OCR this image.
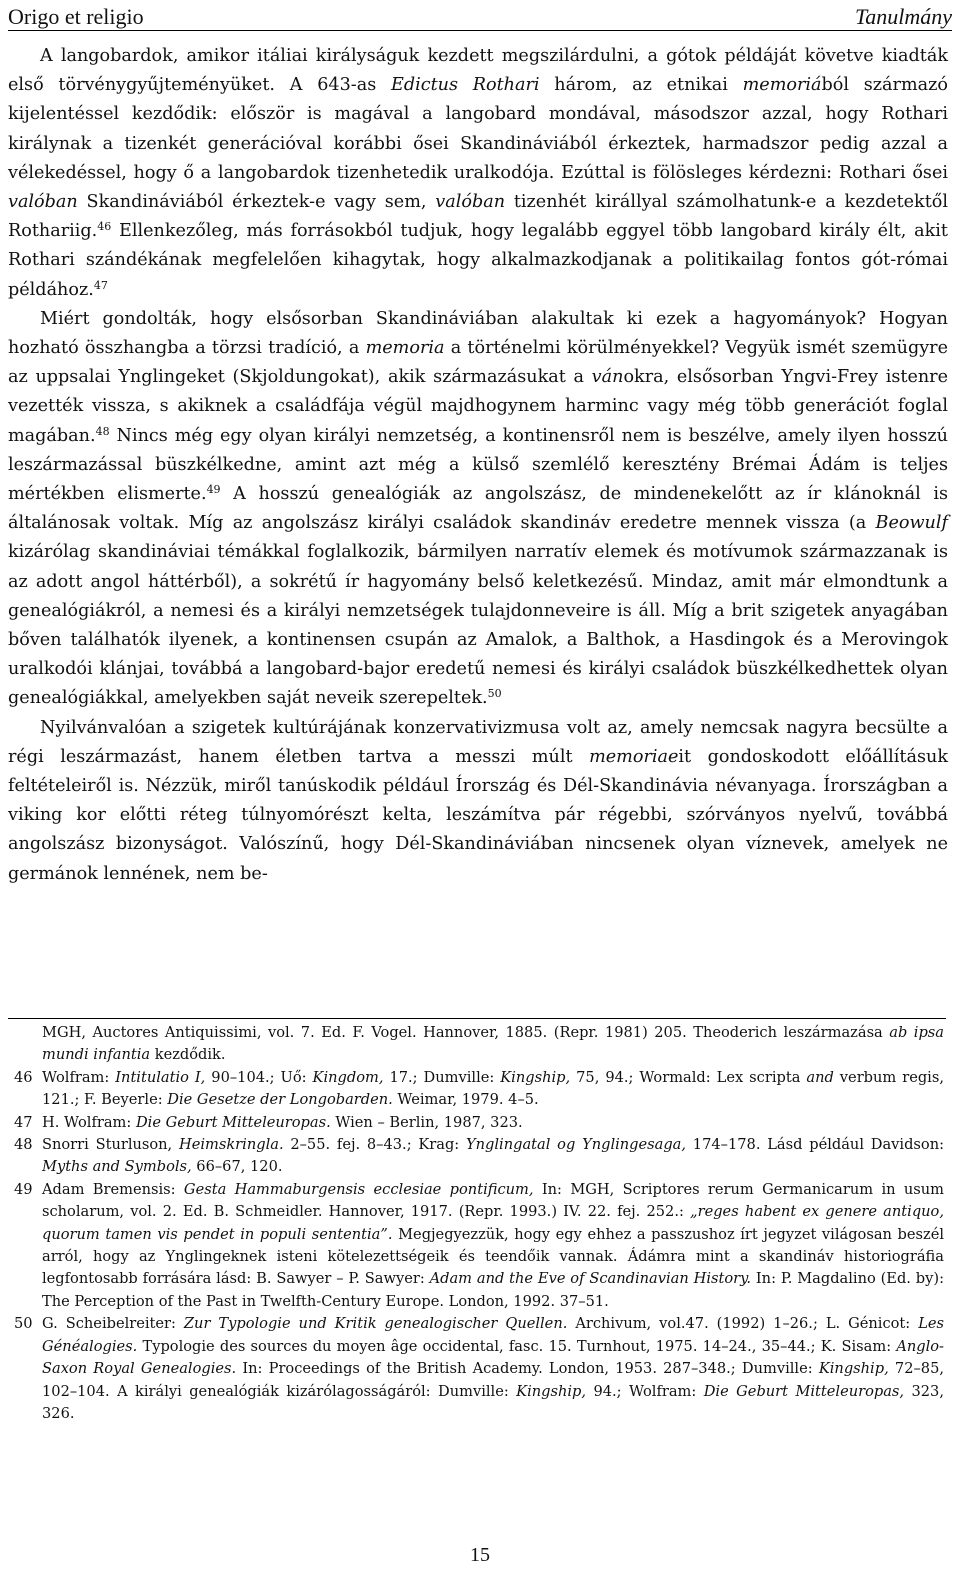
Origo et religio	Tanulmány

A langobardok, amikor itáliai királyságuk kezdett megszilárdulni, a gótok példáját követve kiadták első törvénygyűjteményüket. A 643-as Edictus Rothari három, az etnikai memoriából származó kijelentéssel kezdődik: először is magával a langobard mondával, másodszor azzal, hogy Rothari királynak a tizenkét generációval korábbi ősei Skandináviából érkeztek, harmadszor pedig azzal a vélekedéssel, hogy ő a langobardok tizenhetedik uralkodója. Ezúttal is fölösleges kérdezni: Rothari ősei valóban Skandináviából érkeztek-e vagy sem, valóban tizenhét királlyal számolhatunk-e a kezdetektől Rothariig.$^{46}$ Ellenkezőleg, más forrásokból tudjuk, hogy legalább eggyel több langobard király élt, akit Rothari szándékának megfelelően kihagytak, hogy alkalmazkodjanak a politikailag fontos gót-római példához.$^{47}$

Miért gondolták, hogy elsősorban Skandináviában alakultak ki ezek a hagyományok? Hogyan hozható összhangba a törzsi tradíció, a memoria a történelmi körülményekkel? Vegyük ismét szemügyre az uppsalai Ynglingeket (Skjoldungokat), akik származásukat a vánokra, elsősorban Yngvi-Frey istenre vezették vissza, s akiknek a családfája végül majdhogynem harminc vagy még több generációt foglal magában.$^{48}$ Nincs még egy olyan királyi nemzetség, a kontinensről nem is beszélve, amely ilyen hosszú leszármazással büszkélkedne, amint azt még a külső szemlélő keresztény Brémai Ádám is teljes mértékben elismerte.$^{49}$ A hosszú genealógiák az angolszász, de mindenekelőtt az ír klánoknál is általánosak voltak. Míg az angolszász királyi családok skandináv eredetre mennek vissza (a Beowulf kizárólag skandináviai témákkal foglalkozik, bármilyen narratív elemek és motívumok származzanak is az adott angol háttérből), a sokrétű ír hagyomány belső keletkezésű. Mindaz, amit már elmondtunk a genealógiákról, a nemesi és a királyi nemzetségek tulajdonneveire is áll. Míg a brit szigetek anyagában bőven találhatók ilyenek, a kontinensen csupán az Amalok, a Balthok, a Hasdingok és a Merovingok uralkodói klánjai, továbbá a langobard-bajor eredetű nemesi és királyi családok büszkélkedhettek olyan genealógiákkal, amelyekben saját neveik szerepeltek.$^{50}$

Nyilvánvalóan a szigetek kultúrájának konzervativizmusa volt az, amely nemcsak nagyra becsülte a régi leszármazást, hanem életben tartva a messzi múlt memoriaeit gondoskodott előállításuk feltételeiről is. Nézzük, miről tanúskodik például Írország és Dél-Skandinávia névanyaga. Írországban a viking kor előtti réteg túlnyomórészt kelta, leszámítva pár régebbi, szórványos nyelvű, továbbá angolszász bizonyságot. Valószínű, hogy Dél-Skandináviában nincsenek olyan víznevek, amelyek ne germánok lennének, nem be-

MGH, Auctores Antiquissimi, vol. 7. Ed. F. Vogel. Hannover, 1885. (Repr. 1981) 205. Theoderich leszármazása ab ipsa mundi infantia kezdődik.
46 Wolfram: Intitulatio I, 90–104.; Uő: Kingdom, 17.; Dumville: Kingship, 75, 94.; Wormald: Lex scripta and verbum regis, 121.; F. Beyerle: Die Gesetze der Longobarden. Weimar, 1979. 4–5.
47 H. Wolfram: Die Geburt Mitteleuropas. Wien – Berlin, 1987, 323.
48 Snorri Sturluson, Heimskringla. 2–55. fej. 8–43.; Krag: Ynglingatal og Ynglingesaga, 174–178. Lásd például Davidson: Myths and Symbols, 66–67, 120.
49 Adam Bremensis: Gesta Hammaburgensis ecclesiae pontificum, In: MGH, Scriptores rerum Germanicarum in usum scholarum, vol. 2. Ed. B. Schmeidler. Hannover, 1917. (Repr. 1993.) IV. 22. fej. 252.: „reges habent ex genere antiquo, quorum tamen vis pendet in populi sententia”. Megjegyezzük, hogy egy ehhez a passzushoz írt jegyzet világosan beszél arról, hogy az Ynglingeknek isteni kötelezettségeik és teendőik vannak. Ádámra mint a skandináv historiográfia legfontosabb forrására lásd: B. Sawyer – P. Sawyer: Adam and the Eve of Scandinavian History. In: P. Magdalino (Ed. by): The Perception of the Past in Twelfth-Century Europe. London, 1992. 37–51.
50 G. Scheibelreiter: Zur Typologie und Kritik genealogischer Quellen. Archivum, vol.47. (1992) 1–26.; L. Génicot: Les Généalogies. Typologie des sources du moyen âge occidental, fasc. 15. Turnhout, 1975. 14–24., 35–44.; K. Sisam: Anglo-Saxon Royal Genealogies. In: Proceedings of the British Academy. London, 1953. 287–348.; Dumville: Kingship, 72–85, 102–104. A királyi genealógiák kizárólagosságáról: Dumville: Kingship, 94.; Wolfram: Die Geburt Mitteleuropas, 323, 326.
15
